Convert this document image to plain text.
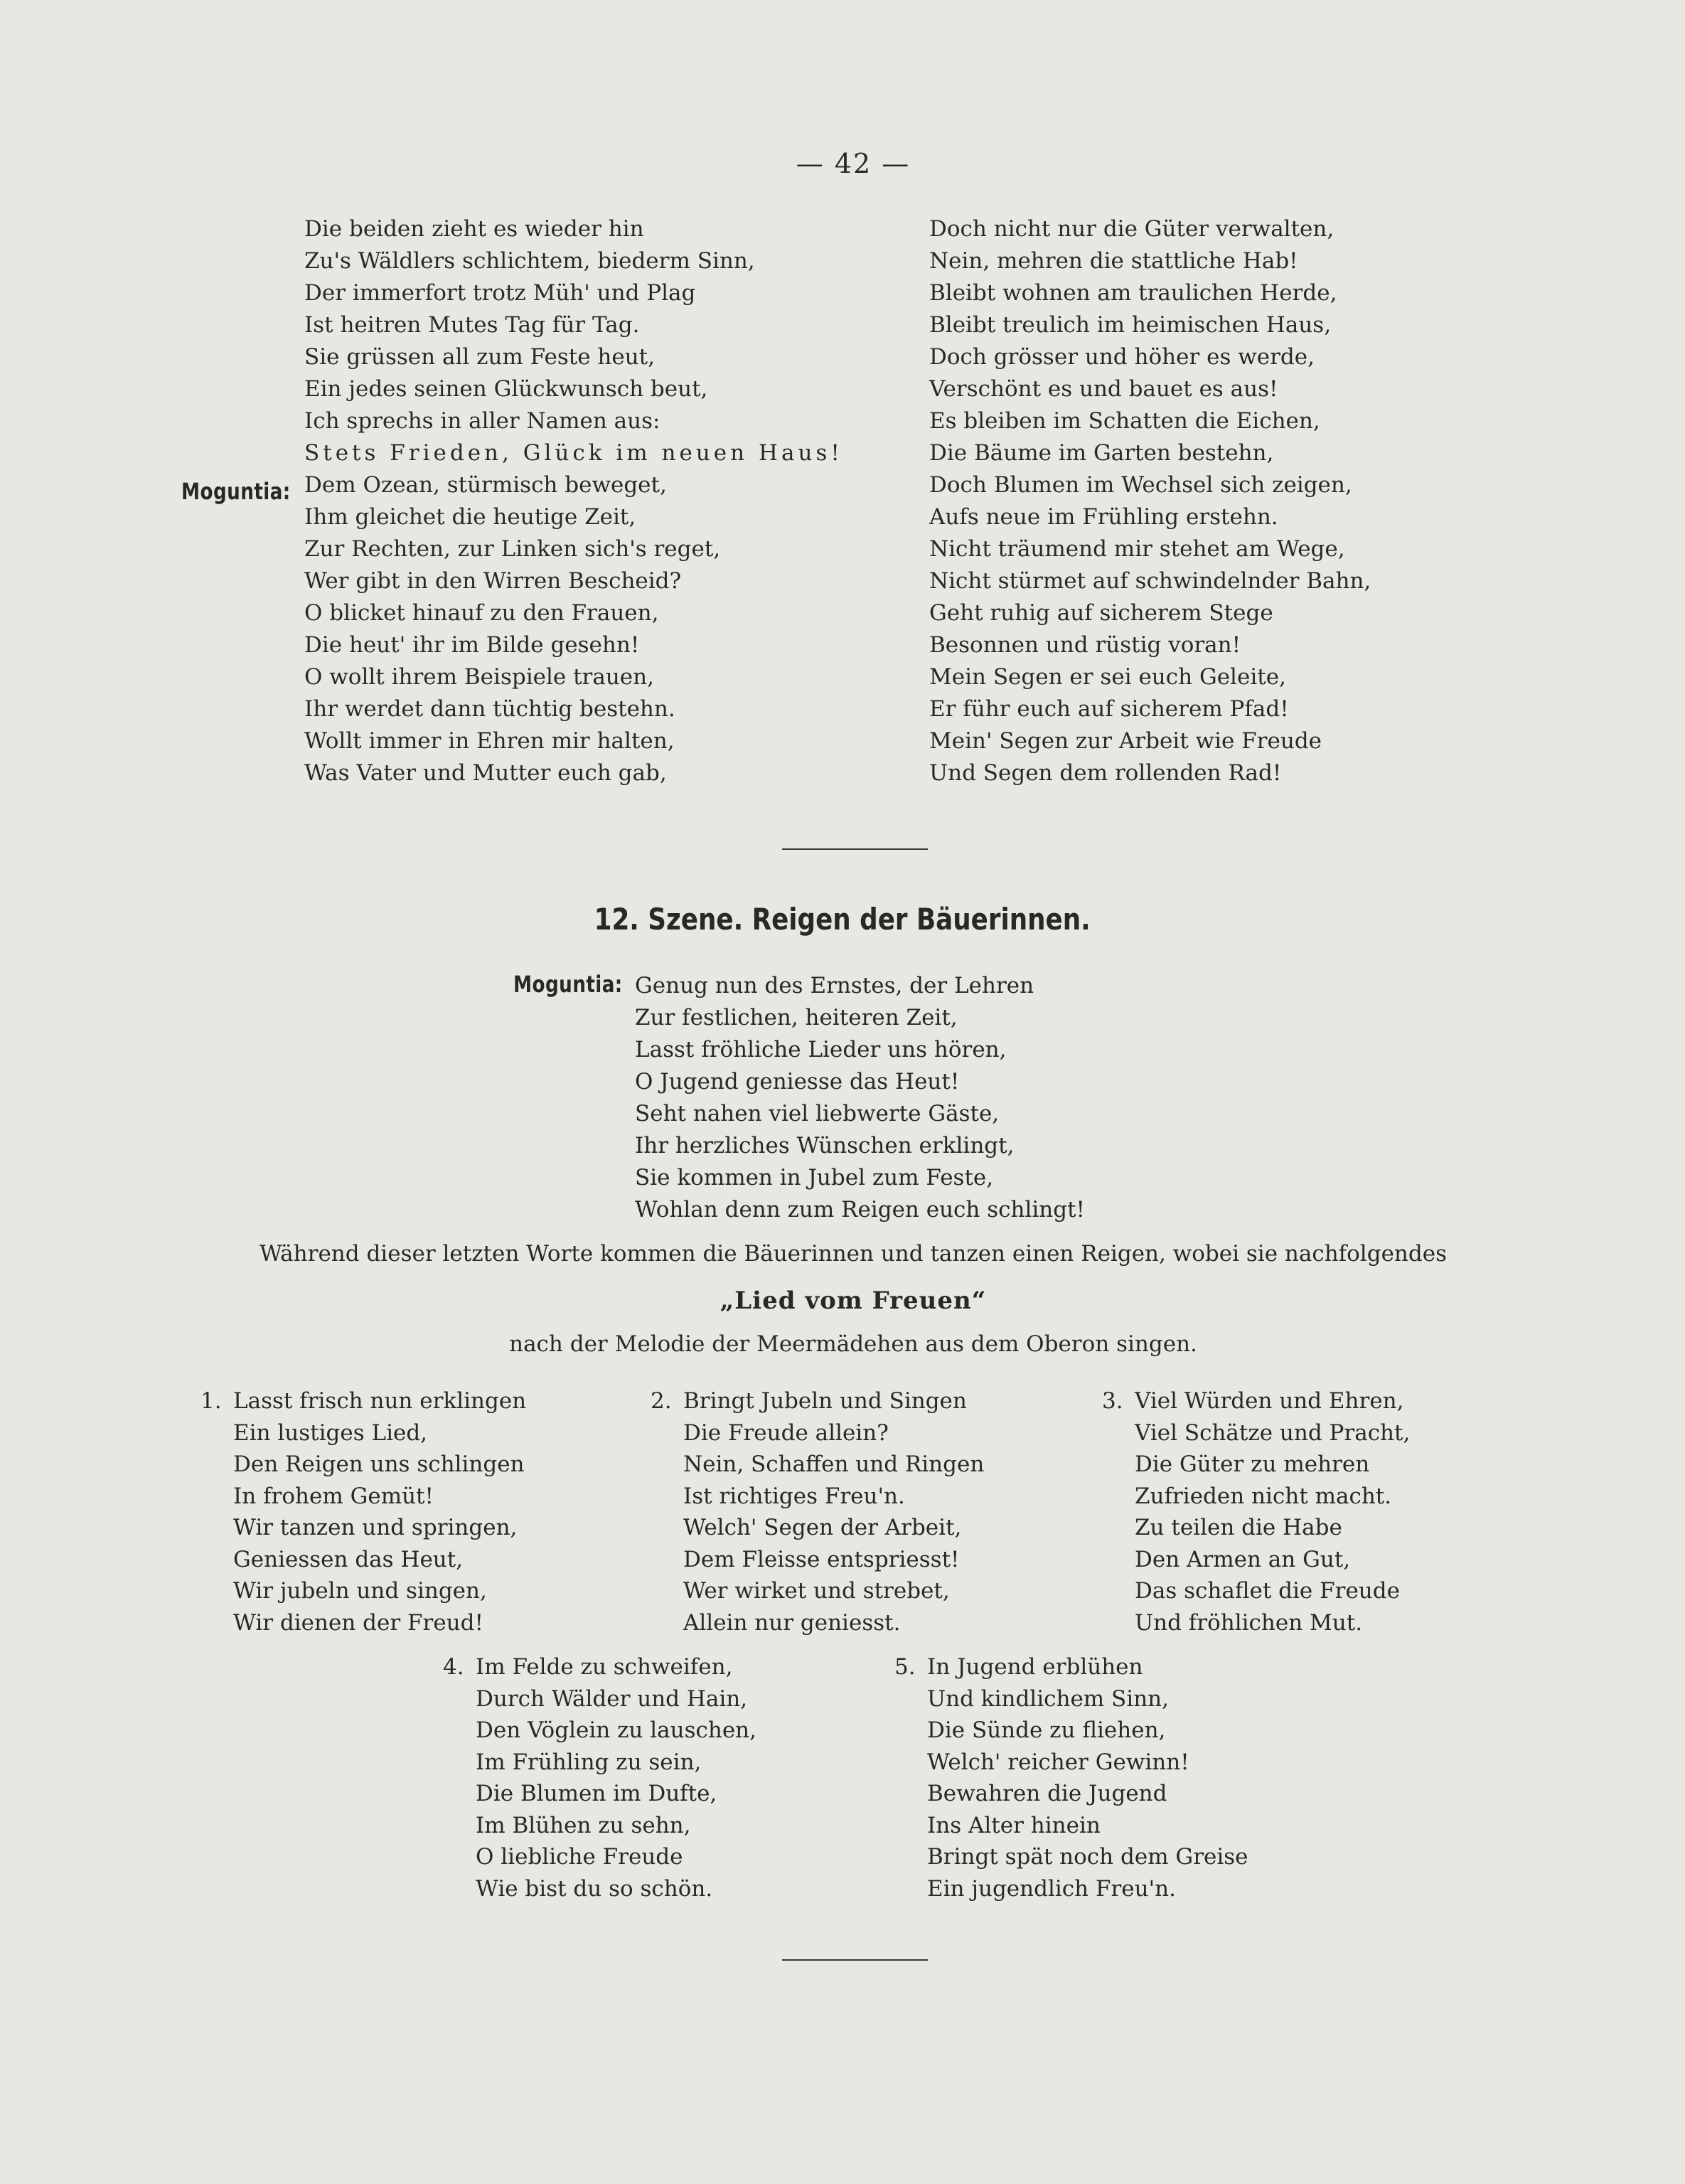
— 42 —
Die beiden zieht es wieder hin
Zu's Wäldlers schlichtem, biederm Sinn,
Der immerfort trotz Müh' und Plag
Ist heitren Mutes Tag für Tag.
Sie grüssen all zum Feste heut,
Ein jedes seinen Glückwunsch beut,
Ich sprechs in aller Namen aus:
Stets Frieden, Glück im neuen Haus!
Dem Ozean, stürmisch beweget,
Ihm gleichet die heutige Zeit,
Zur Rechten, zur Linken sich's reget,
Wer gibt in den Wirren Bescheid?
O blicket hinauf zu den Frauen,
Die heut' ihr im Bilde gesehn!
O wollt ihrem Beispiele trauen,
Ihr werdet dann tüchtig bestehn.
Wollt immer in Ehren mir halten,
Was Vater und Mutter euch gab,
Moguntia:
Doch nicht nur die Güter verwalten,
Nein, mehren die stattliche Hab!
Bleibt wohnen am traulichen Herde,
Bleibt treulich im heimischen Haus,
Doch grösser und höher es werde,
Verschönt es und bauet es aus!
Es bleiben im Schatten die Eichen,
Die Bäume im Garten bestehn,
Doch Blumen im Wechsel sich zeigen,
Aufs neue im Frühling erstehn.
Nicht träumend mir stehet am Wege,
Nicht stürmet auf schwindelnder Bahn,
Geht ruhig auf sicherem Stege
Besonnen und rüstig voran!
Mein Segen er sei euch Geleite,
Er führ euch auf sicherem Pfad!
Mein' Segen zur Arbeit wie Freude
Und Segen dem rollenden Rad!
12. Szene. Reigen der Bäuerinnen.
Moguntia: Genug nun des Ernstes, der Lehren
Zur festlichen, heiteren Zeit,
Lasst fröhliche Lieder uns hören,
O Jugend geniesse das Heut!
Seht nahen viel liebwerte Gäste,
Ihr herzliches Wünschen erklingt,
Sie kommen in Jubel zum Feste,
Wohlan denn zum Reigen euch schlingt!
Während dieser letzten Worte kommen die Bäuerinnen und tanzen einen Reigen, wobei sie nachfolgendes
„Lied vom Freuen“
nach der Melodie der Meermädehen aus dem Oberon singen.
1. Lasst frisch nun erklingen
Ein lustiges Lied,
Den Reigen uns schlingen
In frohem Gemüt!
Wir tanzen und springen,
Geniessen das Heut,
Wir jubeln und singen,
Wir dienen der Freud!
2. Bringt Jubeln und Singen
Die Freude allein?
Nein, Schaffen und Ringen
Ist richtiges Freu'n.
Welch' Segen der Arbeit,
Dem Fleisse entspriesst!
Wer wirket und strebet,
Allein nur geniesst.
3. Viel Würden und Ehren,
Viel Schätze und Pracht,
Die Güter zu mehren
Zufrieden nicht macht.
Zu teilen die Habe
Den Armen an Gut,
Das schaflet die Freude
Und fröhlichen Mut.
4. Im Felde zu schweifen,
Durch Wälder und Hain,
Den Vöglein zu lauschen,
Im Frühling zu sein,
Die Blumen im Dufte,
Im Blühen zu sehn,
O liebliche Freude
Wie bist du so schön.
5. In Jugend erblühen
Und kindlichem Sinn,
Die Sünde zu fliehen,
Welch' reicher Gewinn!
Bewahren die Jugend
Ins Alter hinein
Bringt spät noch dem Greise
Ein jugendlich Freu'n.
